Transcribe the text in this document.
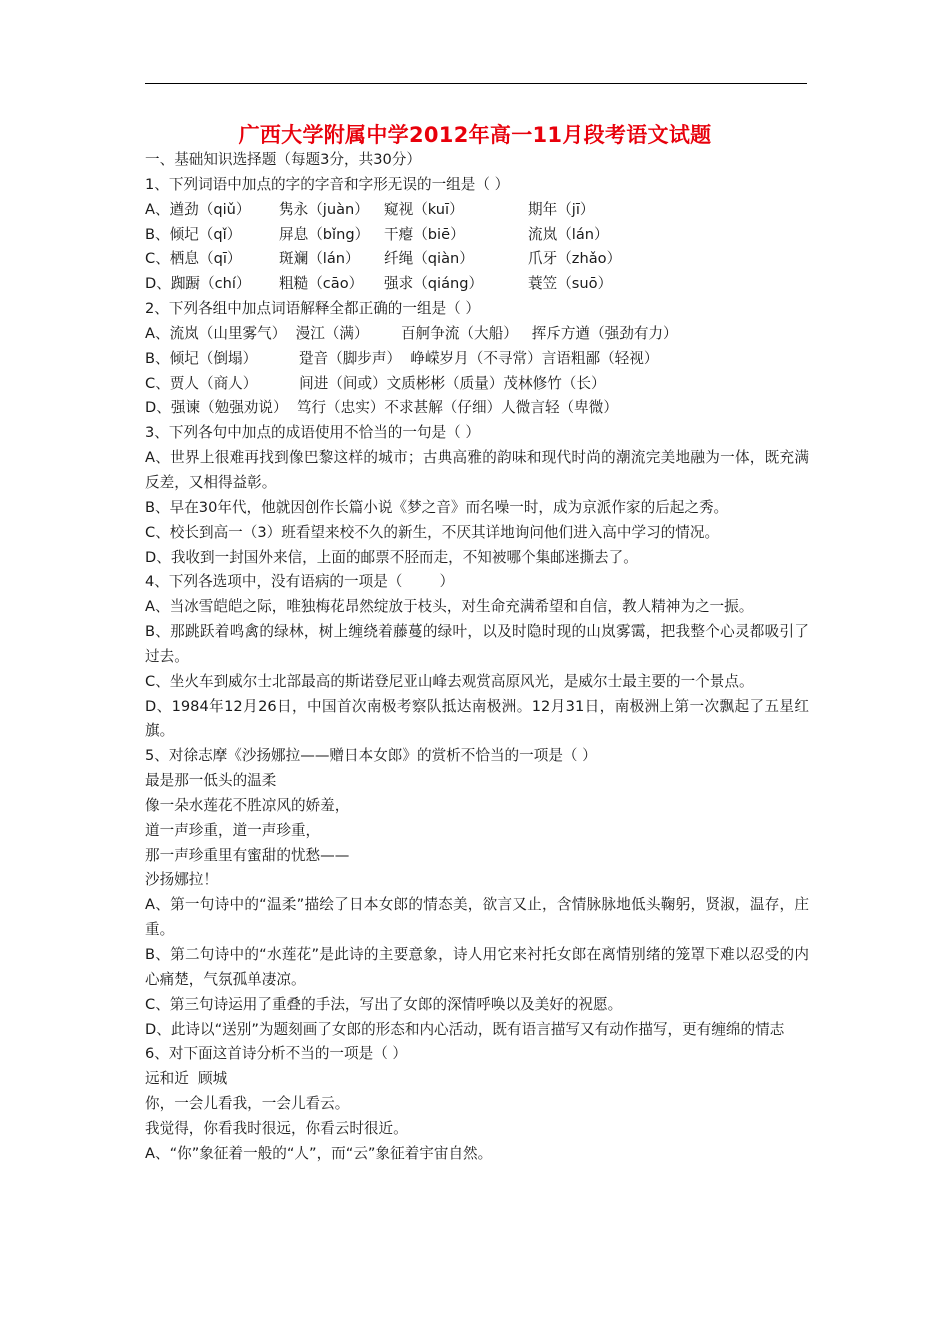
广西大学附属中学2012年高一11月段考语文试题
一、基础知识选择题（每题3分，共30分）
1、下列词语中加点的字的字音和字形无误的一组是（ ）
A、遒劲（qiǔ）	隽永（juàn）	窥视（kuī）	期年（jī）
B、倾圮（qǐ）	屏息（bǐng）	干瘪（biē）	流岚（lán）
C、栖息（qī）	斑斓（lán）	纤绳（qiàn）	爪牙（zhǎo）
D、踟蹰（chí）	粗糙（cāo）	强求（qiáng）	蓑笠（suō）
2、下列各组中加点词语解释全都正确的一组是（ ）
A、流岚（山里雾气）  漫江（满）       百舸争流（大船）   挥斥方遒（强劲有力）
B、倾圮（倒塌）         跫音（脚步声）  峥嵘岁月（不寻常）言语粗鄙（轻视）
C、贾人（商人）         间进（间或）文质彬彬（质量）茂林修竹（长）
D、强谏（勉强劝说）  笃行（忠实）不求甚解（仔细）人微言轻（卑微）
3、下列各句中加点的成语使用不恰当的一句是（ ）
A、世界上很难再找到像巴黎这样的城市；古典高雅的韵味和现代时尚的潮流完美地融为一体，既充满反差，又相得益彰。
B、早在30年代，他就因创作长篇小说《梦之音》而名噪一时，成为京派作家的后起之秀。
C、校长到高一（3）班看望来校不久的新生，不厌其详地询问他们进入高中学习的情况。
D、我收到一封国外来信，上面的邮票不胫而走，不知被哪个集邮迷撕去了。
4、下列各选项中，没有语病的一项是（        ）
A、当冰雪皑皑之际，唯独梅花昂然绽放于枝头，对生命充满希望和自信，教人精神为之一振。
B、那跳跃着鸣禽的绿林，树上缠绕着藤蔓的绿叶，以及时隐时现的山岚雾霭，把我整个心灵都吸引了过去。
C、坐火车到威尔士北部最高的斯诺登尼亚山峰去观赏高原风光，是威尔士最主要的一个景点。
D、1984年12月26日，中国首次南极考察队抵达南极洲。12月31日，南极洲上第一次飘起了五星红旗。
5、对徐志摩《沙扬娜拉——赠日本女郎》的赏析不恰当的一项是（ ）
最是那一低头的温柔
像一朵水莲花不胜凉风的娇羞，
道一声珍重，道一声珍重，
那一声珍重里有蜜甜的忧愁——
沙扬娜拉！
A、第一句诗中的“温柔”描绘了日本女郎的情态美，欲言又止，含情脉脉地低头鞠躬，贤淑，温存，庄重。
B、第二句诗中的“水莲花”是此诗的主要意象，诗人用它来衬托女郎在离情别绪的笼罩下难以忍受的内心痛楚，气氛孤单凄凉。
C、第三句诗运用了重叠的手法，写出了女郎的深情呼唤以及美好的祝愿。
D、此诗以“送别”为题刻画了女郎的形态和内心活动，既有语言描写又有动作描写，更有缠绵的情志
6、对下面这首诗分析不当的一项是（ ）
远和近  顾城
你，一会儿看我，一会儿看云。
我觉得，你看我时很远，你看云时很近。
A、“你”象征着一般的“人”，而“云”象征着宇宙自然。
